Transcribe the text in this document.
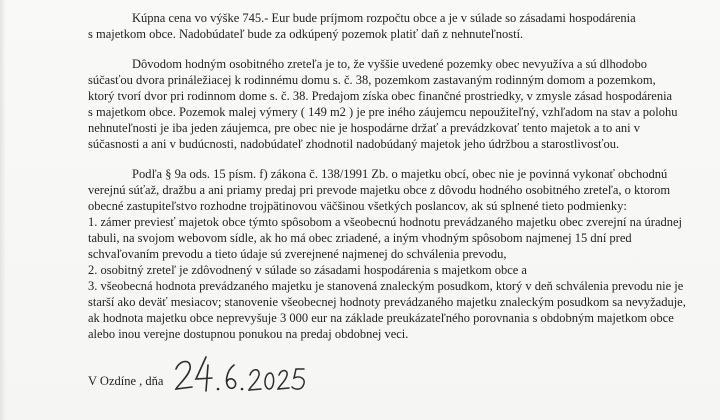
Kúpna cena vo výške 745.- Eur bude príjmom rozpočtu obce a je v súlade so zásadami hospodárenia
s majetkom obce. Nadobúdateľ bude za odkúpený pozemok platiť daň z nehnuteľností.
Dôvodom hodným osobitného zreteľa je to, že vyššie uvedené pozemky obec nevyužíva a sú dlhodobo
súčasťou dvora prináležiacej k rodinnému domu s. č. 38, pozemkom zastavaným rodinným domom a pozemkom,
ktorý tvorí dvor pri rodinnom dome s. č. 38. Predajom získa obec finančné prostriedky, v zmysle zásad hospodárenia
s majetkom obce. Pozemok malej výmery ( 149 m2 ) je pre iného záujemcu nepoužiteľný, vzhľadom na stav a polohu
nehnuteľnosti je iba jeden záujemca, pre obec nie je hospodárne držať a prevádzkovať tento majetok a to ani v
súčasnosti a ani v budúcnosti, nadobúdateľ zhodnotil nadobúdaný majetok jeho údržbou a starostlivosťou.
Podľa § 9a ods. 15 písm. f) zákona č. 138/1991 Zb. o majetku obcí, obec nie je povinná vykonať obchodnú
verejnú súťaž, dražbu a ani priamy predaj pri prevode majetku obce z dôvodu hodného osobitného zreteľa, o ktorom
obecné zastupiteľstvo rozhodne trojpätinovou väčšinou všetkých poslancov, ak sú splnené tieto podmienky:
1. zámer previesť majetok obce týmto spôsobom a všeobecnú hodnotu prevádzaného majetku obec zverejní na úradnej
tabuli, na svojom webovom sídle, ak ho má obec zriadené, a iným vhodným spôsobom najmenej 15 dní pred
schvaľovaním prevodu a tieto údaje sú zverejnené najmenej do schválenia prevodu,
2. osobitný zreteľ je zdôvodnený v súlade so zásadami hospodárenia s majetkom obce a
3. všeobecná hodnota prevádzaného majetku je stanovená znaleckým posudkom, ktorý v deň schválenia prevodu nie je
starší ako deväť mesiacov; stanovenie všeobecnej hodnoty prevádzaného majetku znaleckým posudkom sa nevyžaduje,
ak hodnota majetku obce neprevyšuje 3 000 eur na základe preukázateľného porovnania s obdobným majetkom obce
alebo inou verejne dostupnou ponukou na predaj obdobnej veci.
V Ozdíne , dňa
